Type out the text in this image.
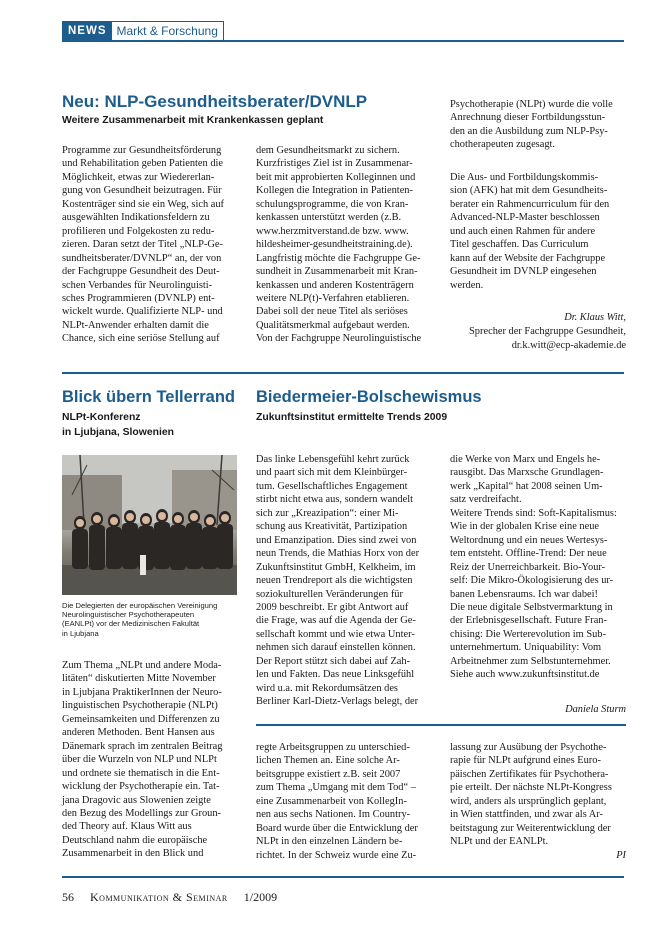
NEWS Markt & Forschung
Neu: NLP-Gesundheitsberater/DVNLP
Weitere Zusammenarbeit mit Krankenkassen geplant
Programme zur Gesundheitsförderung
und Rehabilitation geben Patienten die
Möglichkeit, etwas zur Wiedererlan-
gung von Gesundheit beizutragen. Für
Kostenträger sind sie ein Weg, sich auf
ausgewählten Indikationsfeldern zu
profilieren und Folgekosten zu redu-
zieren. Daran setzt der Titel „NLP-Ge-
sundheitsberater/DVNLP“ an, der von
der Fachgruppe Gesundheit des Deut-
schen Verbandes für Neurolinguisti-
sches Programmieren (DVNLP) ent-
wickelt wurde. Qualifizierte NLP- und
NLPt-Anwender erhalten damit die
Chance, sich eine seriöse Stellung auf
dem Gesundheitsmarkt zu sichern.
Kurzfristiges Ziel ist in Zusammenar-
beit mit approbierten Kolleginnen und
Kollegen die Integration in Patienten-
schulungsprogramme, die von Kran-
kenkassen unterstützt werden (z.B.
www.herzmitverstand.de bzw. www.
hildesheimer-gesundheitstraining.de).
Langfristig möchte die Fachgruppe Ge-
sundheit in Zusammenarbeit mit Kran-
kenkassen und anderen Kostenträgern
weitere NLP(t)-Verfahren etablieren.
Dabei soll der neue Titel als seriöses
Qualitätsmerkmal aufgebaut werden.
Von der Fachgruppe Neurolinguistische
Psychotherapie (NLPt) wurde die volle
Anrechnung dieser Fortbildungsstun-
den an die Ausbildung zum NLP-Psy-
chotherapeuten zugesagt.
Die Aus- und Fortbildungskommis-
sion (AFK) hat mit dem Gesundheits-
berater ein Rahmencurriculum für den
Advanced-NLP-Master beschlossen
und auch einen Rahmen für andere
Titel geschaffen. Das Curriculum
kann auf der Website der Fachgruppe
Gesundheit im DVNLP eingesehen
werden.
Dr. Klaus Witt,
Sprecher der Fachgruppe Gesundheit,
dr.k.witt@ecp-akademie.de
Blick übern Tellerrand
NLPt-Konferenz
in Ljubjana, Slowenien
Die Delegierten der europäischen Vereinigung
Neurolinguistischer Psychotherapeuten
(EANLPt) vor der Medizinischen Fakultät
in Ljubjana
Zum Thema „NLPt und andere Moda-
litäten“ diskutierten Mitte November
in Ljubjana PraktikerInnen der Neuro-
linguistischen Psychotherapie (NLPt)
Gemeinsamkeiten und Differenzen zu
anderen Methoden. Bent Hansen aus
Dänemark sprach im zentralen Beitrag
über die Wurzeln von NLP und NLPt
und ordnete sie thematisch in die Ent-
wicklung der Psychotherapie ein. Tat-
jana Dragovic aus Slowenien zeigte
den Bezug des Modellings zur Groun-
ded Theory auf. Klaus Witt aus
Deutschland nahm die europäische
Zusammenarbeit in den Blick und
regte Arbeitsgruppen zu unterschied-
lichen Themen an. Eine solche Ar-
beitsgruppe existiert z.B. seit 2007
zum Thema „Umgang mit dem Tod“ –
eine Zusammenarbeit von KollegIn-
nen aus sechs Nationen. Im Country-
Board wurde über die Entwicklung der
NLPt in den einzelnen Ländern be-
richtet. In der Schweiz wurde eine Zu-
lassung zur Ausübung der Psychothe-
rapie für NLPt aufgrund eines Euro-
päischen Zertifikates für Psychothera-
pie erteilt. Der nächste NLPt-Kongress
wird, anders als ursprünglich geplant,
in Wien stattfinden, und zwar als Ar-
beitstagung zur Weiterentwicklung der
NLPt und der EANLPt.
PI
Biedermeier-Bolschewismus
Zukunftsinstitut ermittelte Trends 2009
Das linke Lebensgefühl kehrt zurück
und paart sich mit dem Kleinbürger-
tum. Gesellschaftliches Engagement
stirbt nicht etwa aus, sondern wandelt
sich zur „Kreazipation“: einer Mi-
schung aus Kreativität, Partizipation
und Emanzipation. Dies sind zwei von
neun Trends, die Mathias Horx von der
Zukunftsinstitut GmbH, Kelkheim, im
neuen Trendreport als die wichtigsten
soziokulturellen Veränderungen für
2009 beschreibt. Er gibt Antwort auf
die Frage, was auf die Agenda der Ge-
sellschaft kommt und wie etwa Unter-
nehmen sich darauf einstellen können.
Der Report stützt sich dabei auf Zah-
len und Fakten. Das neue Linksgefühl
wird u.a. mit Rekordumsätzen des
Berliner Karl-Dietz-Verlags belegt, der
die Werke von Marx und Engels he-
rausgibt. Das Marxsche Grundlagen-
werk „Kapital“ hat 2008 seinen Um-
satz verdreifacht.
Weitere Trends sind: Soft-Kapitalismus:
Wie in der globalen Krise eine neue
Weltordnung und ein neues Wertesys-
tem entsteht. Offline-Trend: Der neue
Reiz der Unerreichbarkeit. Bio-Your-
self: Die Mikro-Ökologisierung des ur-
banen Lebensraums. Ich war dabei!
Die neue digitale Selbstvermarktung in
der Erlebnisgesellschaft. Future Fran-
chising: Die Werterevolution im Sub-
unternehmertum. Uniquability: Vom
Arbeitnehmer zum Selbstunternehmer.
Siehe auch www.zukunftsinstitut.de
Daniela Sturm
56 Kommunikation & Seminar 1/2009
